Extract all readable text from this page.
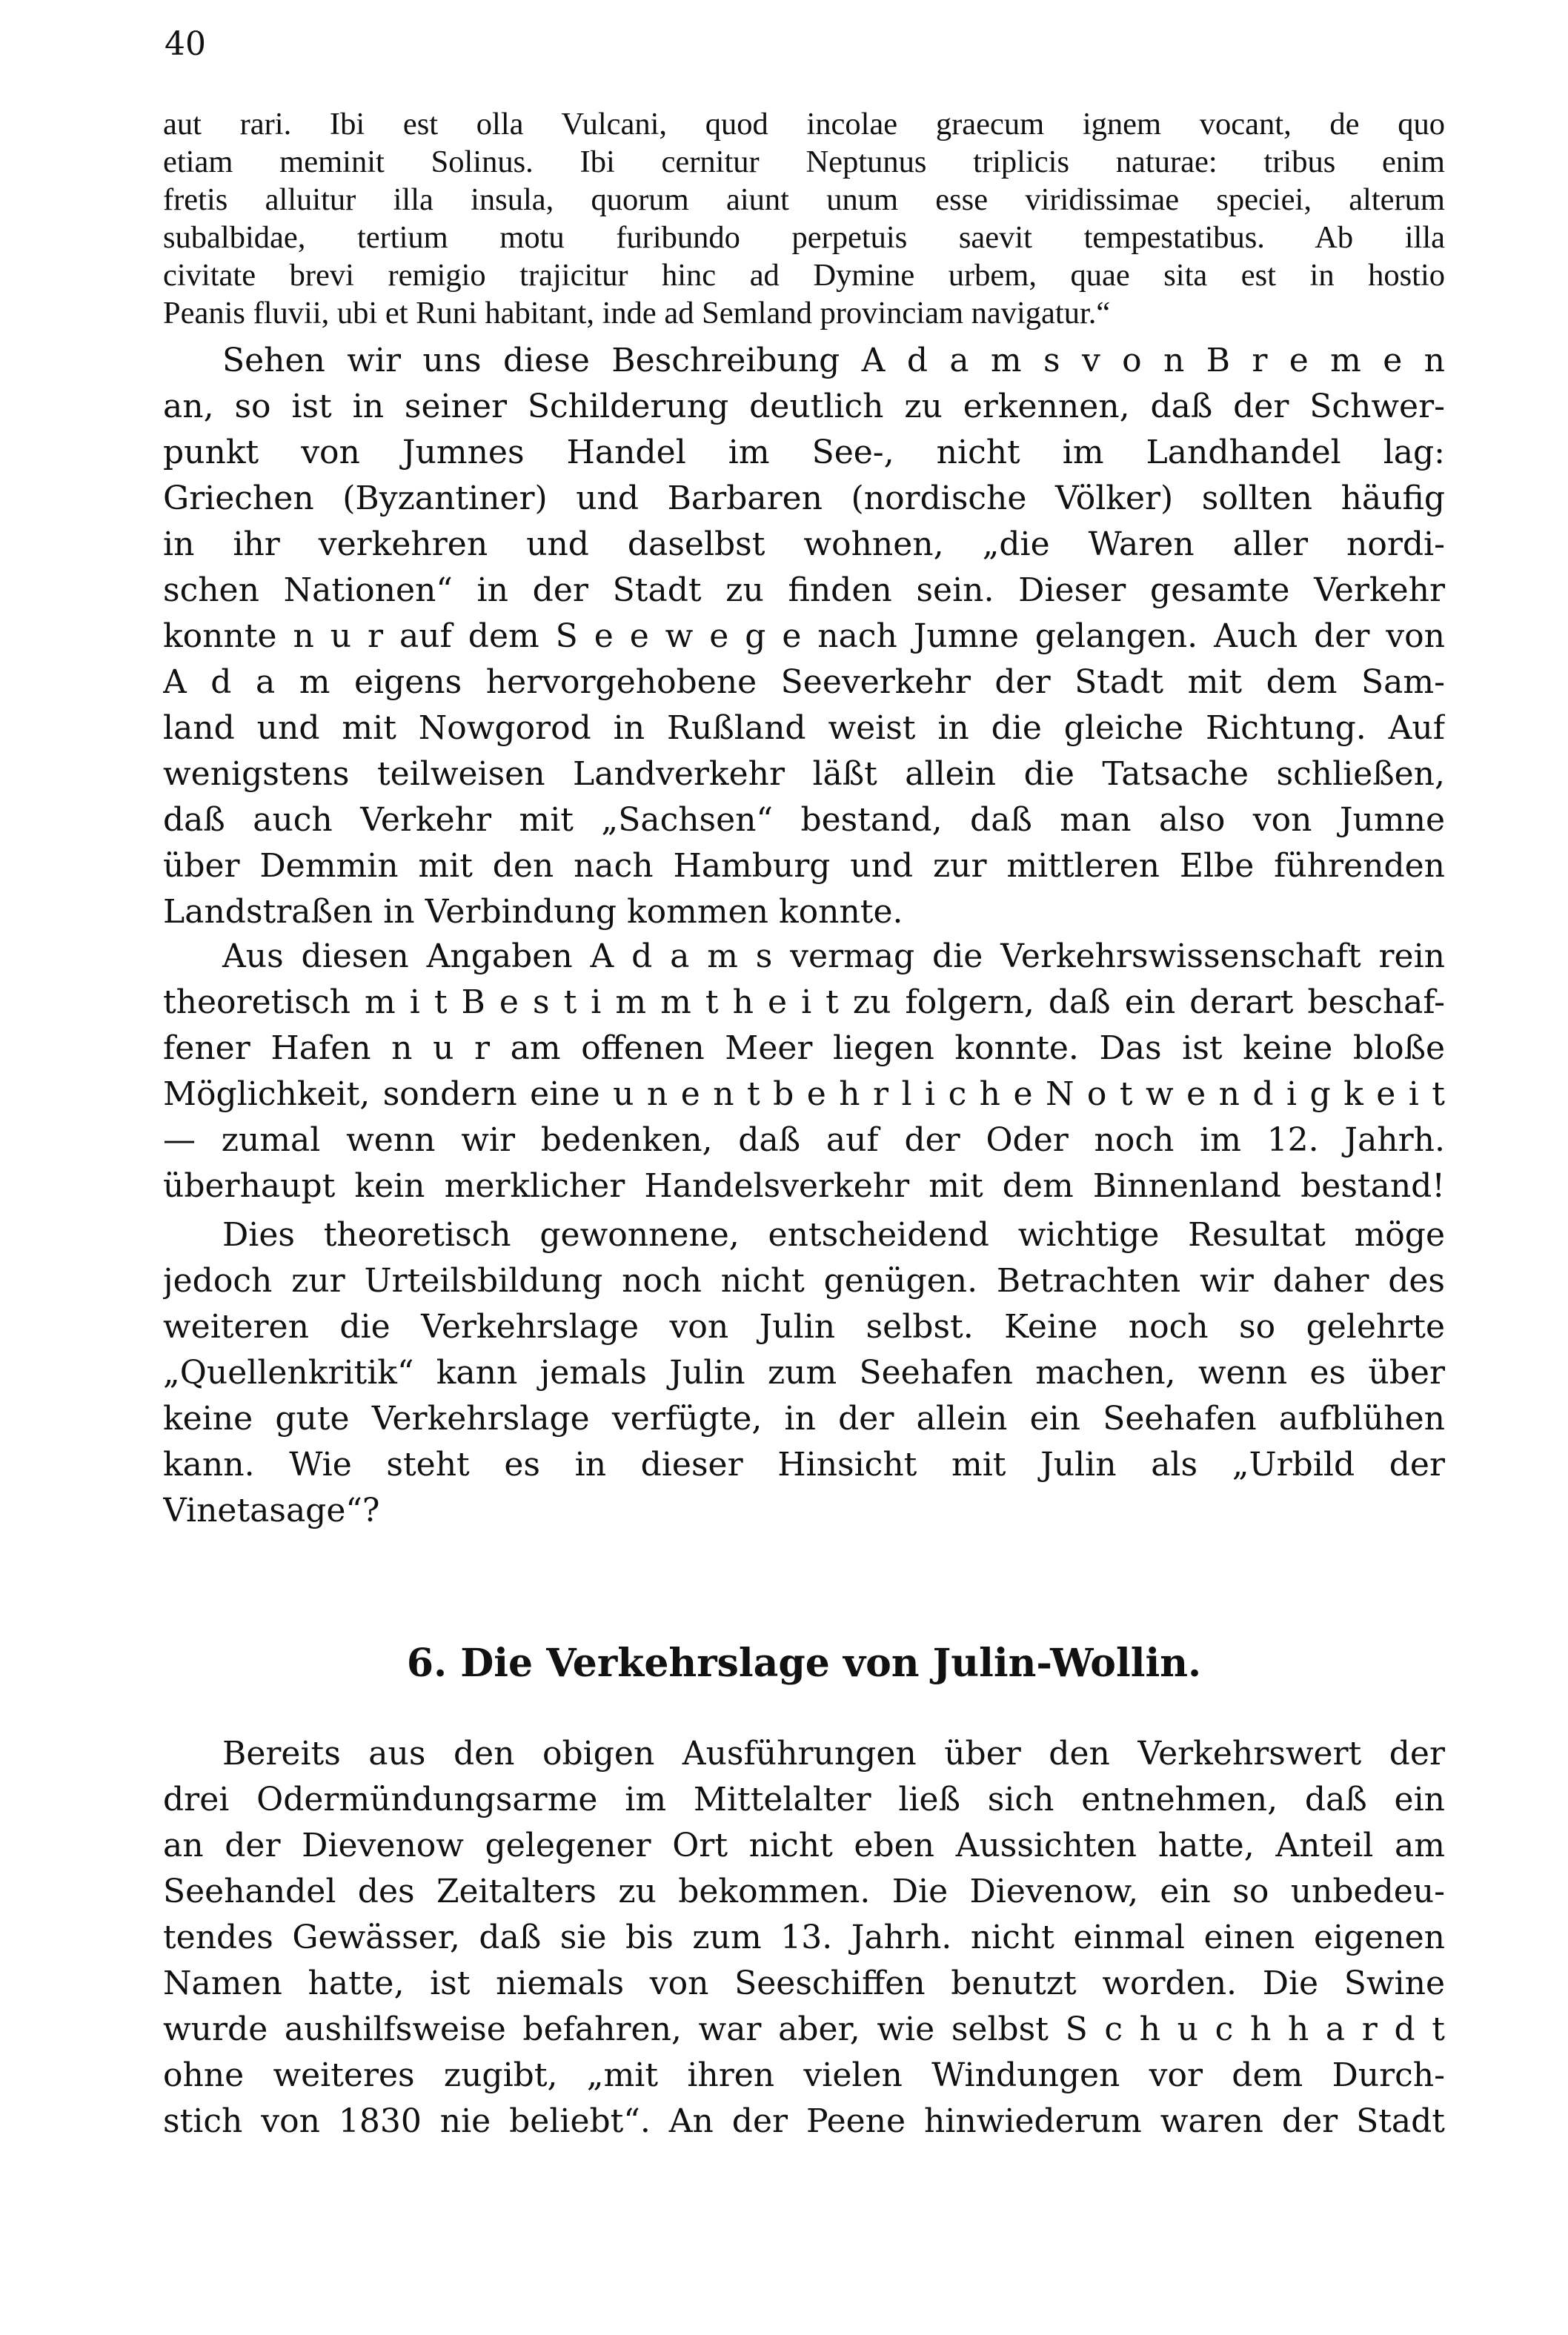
40

aut rari. Ibi est olla Vulcani, quod incolae graecum ignem vocant, de quo
etiam meminit Solinus. Ibi cernitur Neptunus triplicis naturae: tribus enim
fretis alluitur illa insula, quorum aiunt unum esse viridissimae speciei, alterum
subalbidae, tertium motu furibundo perpetuis saevit tempestatibus. Ab illa
civitate brevi remigio trajicitur hinc ad Dymine urbem, quae sita est in hostio
Peanis fluvii, ubi et Runi habitant, inde ad Semland provinciam navigatur.“
Sehen wir uns diese Beschreibung A d a m s v o n B r e m e n
an, so ist in seiner Schilderung deutlich zu erkennen, daß der Schwer-
punkt von Jumnes Handel im See-, nicht im Landhandel lag:
Griechen (Byzantiner) und Barbaren (nordische Völker) sollten häufig
in ihr verkehren und daselbst wohnen, „die Waren aller nordi-
schen Nationen“ in der Stadt zu finden sein. Dieser gesamte Verkehr
konnte n u r auf dem S e e w e g e nach Jumne gelangen. Auch der von
A d a m eigens hervorgehobene Seeverkehr der Stadt mit dem Sam-
land und mit Nowgorod in Rußland weist in die gleiche Richtung. Auf
wenigstens teilweisen Landverkehr läßt allein die Tatsache schließen,
daß auch Verkehr mit „Sachsen“ bestand, daß man also von Jumne
über Demmin mit den nach Hamburg und zur mittleren Elbe führenden
Landstraßen in Verbindung kommen konnte.
Aus diesen Angaben A d a m s vermag die Verkehrswissenschaft rein
theoretisch m i t B e s t i m m t h e i t zu folgern, daß ein derart beschaf-
fener Hafen n u r am offenen Meer liegen konnte. Das ist keine bloße
Möglichkeit, sondern eine u n e n t b e h r l i c h e N o t w e n d i g k e i t
— zumal wenn wir bedenken, daß auf der Oder noch im 12. Jahrh.
überhaupt kein merklicher Handelsverkehr mit dem Binnenland bestand!
Dies theoretisch gewonnene, entscheidend wichtige Resultat möge
jedoch zur Urteilsbildung noch nicht genügen. Betrachten wir daher des
weiteren die Verkehrslage von Julin selbst. Keine noch so gelehrte
„Quellenkritik“ kann jemals Julin zum Seehafen machen, wenn es über
keine gute Verkehrslage verfügte, in der allein ein Seehafen aufblühen
kann. Wie steht es in dieser Hinsicht mit Julin als „Urbild der
Vinetasage“?
6. Die Verkehrslage von Julin-Wollin.
Bereits aus den obigen Ausführungen über den Verkehrswert der
drei Odermündungsarme im Mittelalter ließ sich entnehmen, daß ein
an der Dievenow gelegener Ort nicht eben Aussichten hatte, Anteil am
Seehandel des Zeitalters zu bekommen. Die Dievenow, ein so unbedeu-
tendes Gewässer, daß sie bis zum 13. Jahrh. nicht einmal einen eigenen
Namen hatte, ist niemals von Seeschiffen benutzt worden. Die Swine
wurde aushilfsweise befahren, war aber, wie selbst S c h u c h h a r d t
ohne weiteres zugibt, „mit ihren vielen Windungen vor dem Durch-
stich von 1830 nie beliebt“. An der Peene hinwiederum waren der Stadt
